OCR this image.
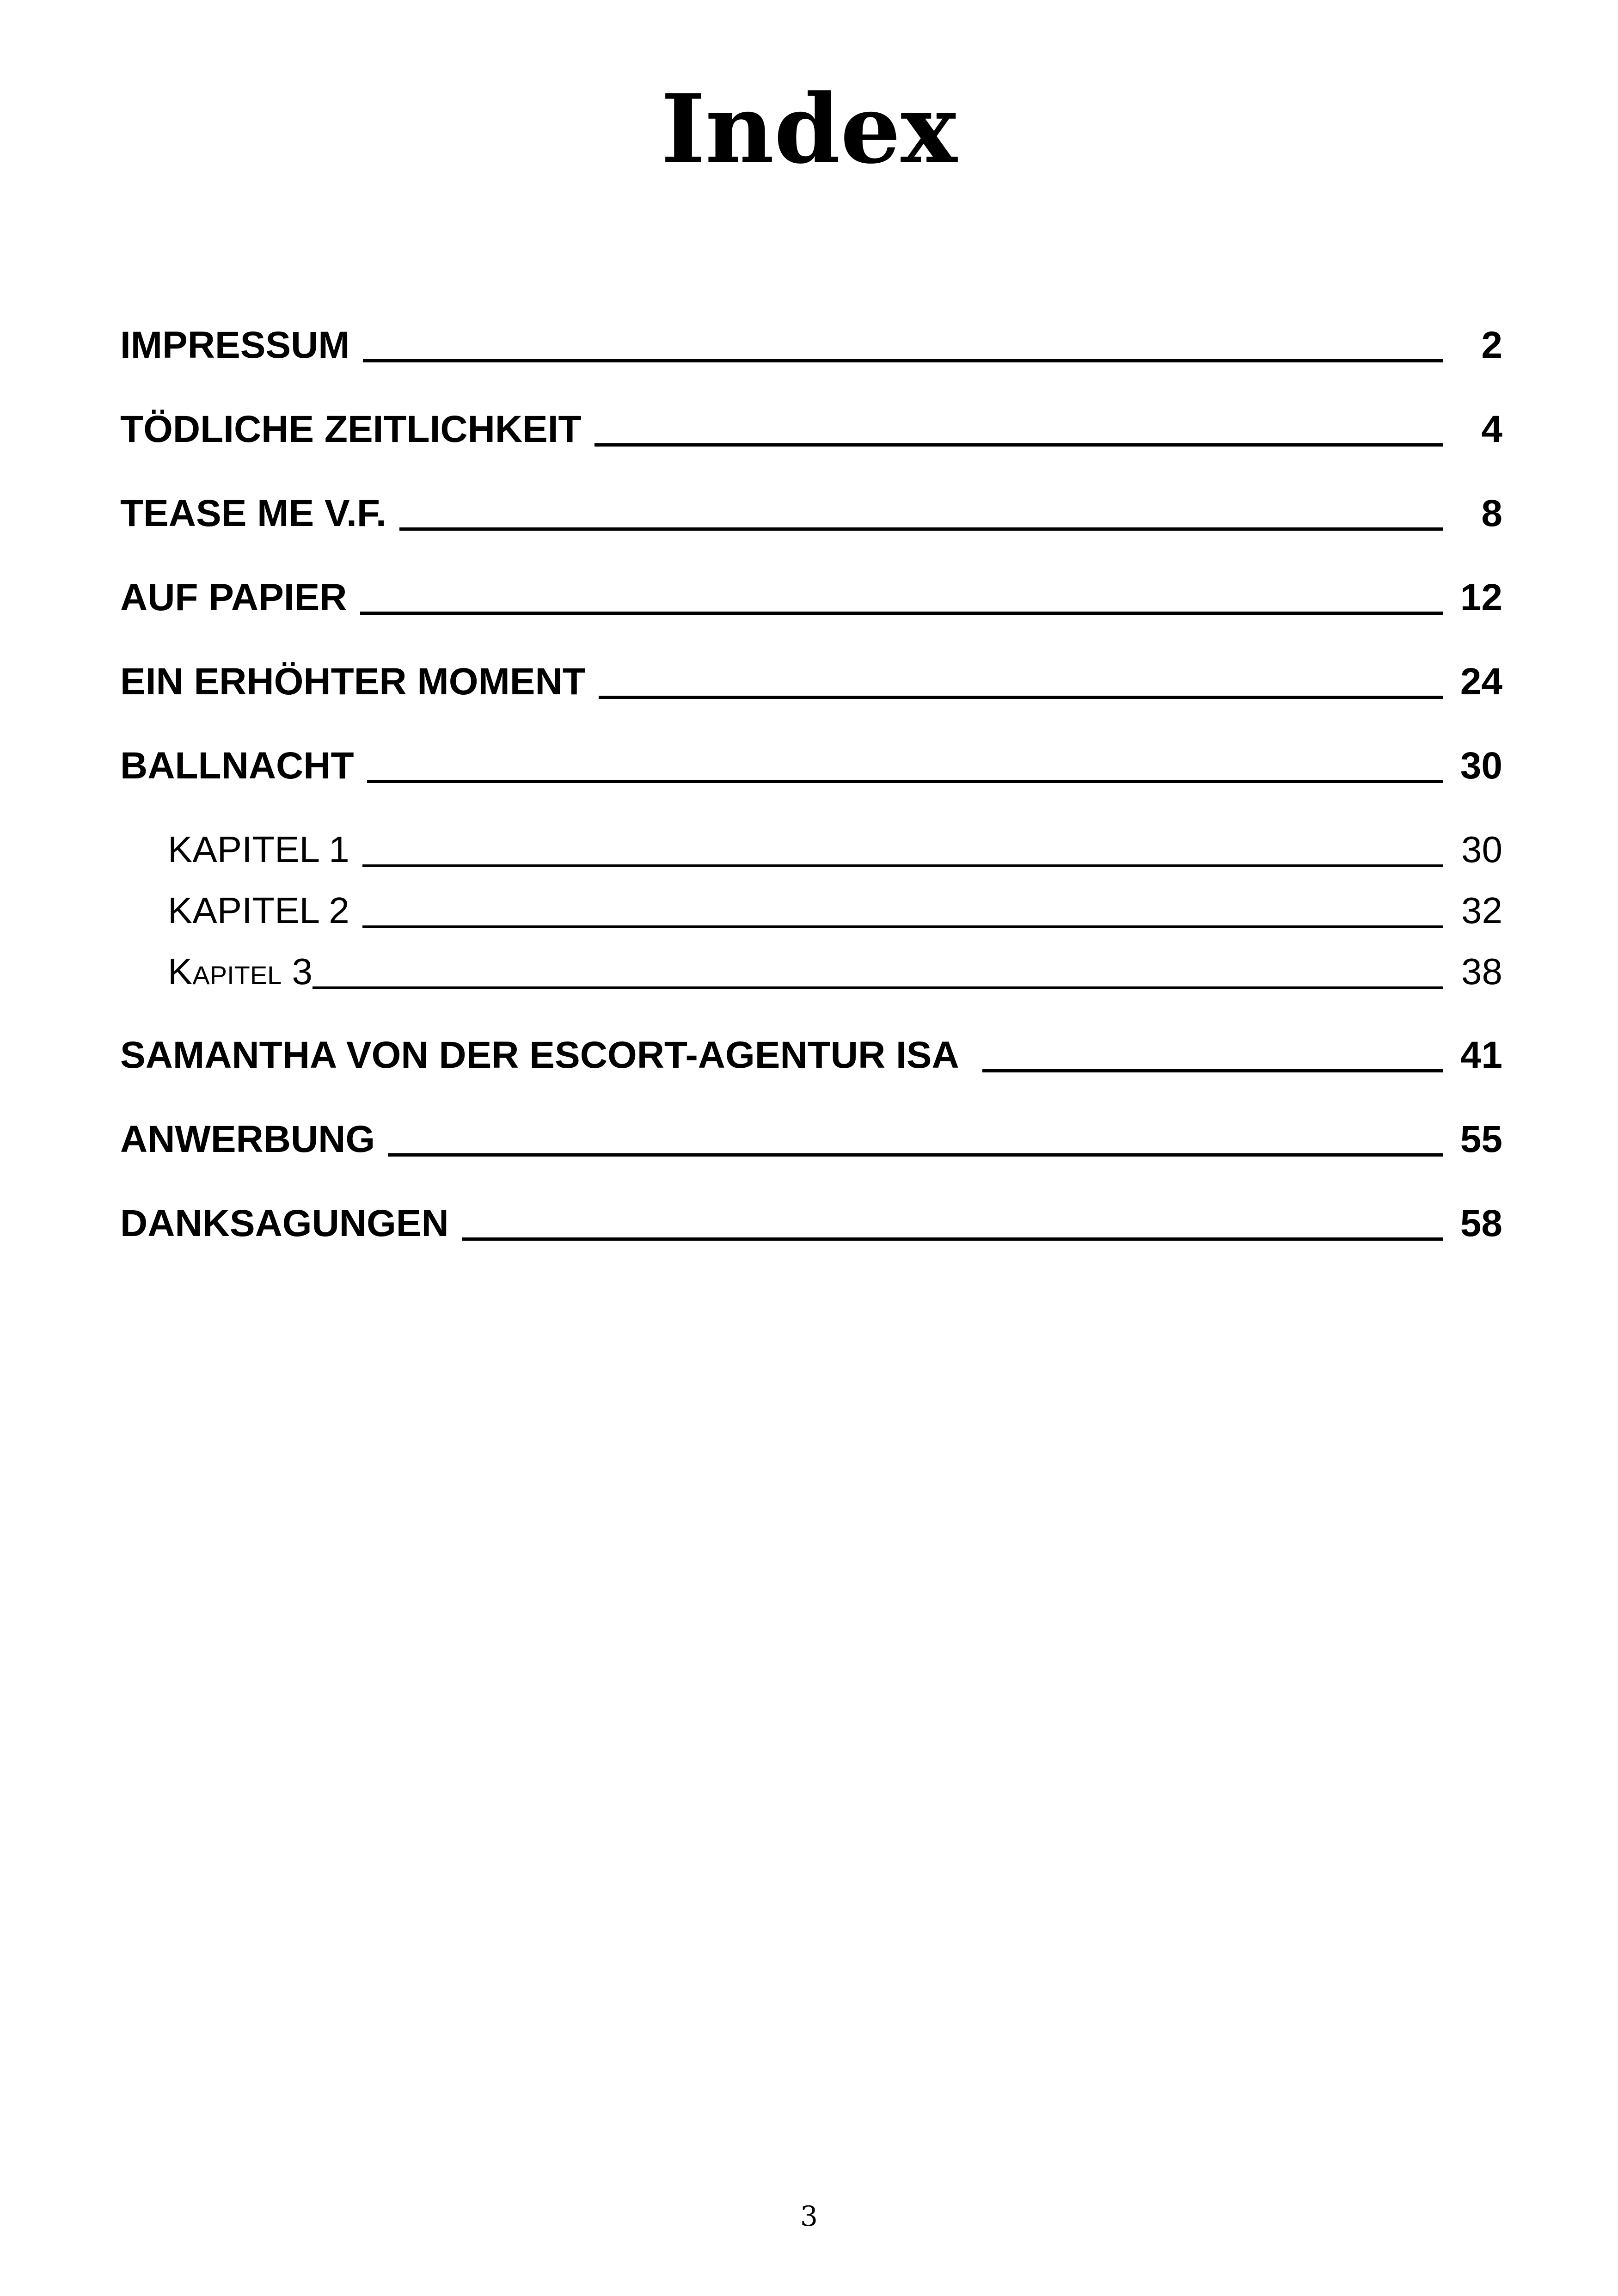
Index
IMPRESSUM	2
TÖDLICHE ZEITLICHKEIT	4
TEASE ME V.F.	8
AUF PAPIER	12
EIN ERHÖHTER MOMENT	24
BALLNACHT	30
KAPITEL 1	30
KAPITEL 2	32
Kapitel 3	38
SAMANTHA VON DER ESCORT-AGENTUR ISA	41
ANWERBUNG	55
DANKSAGUNGEN	58
3
